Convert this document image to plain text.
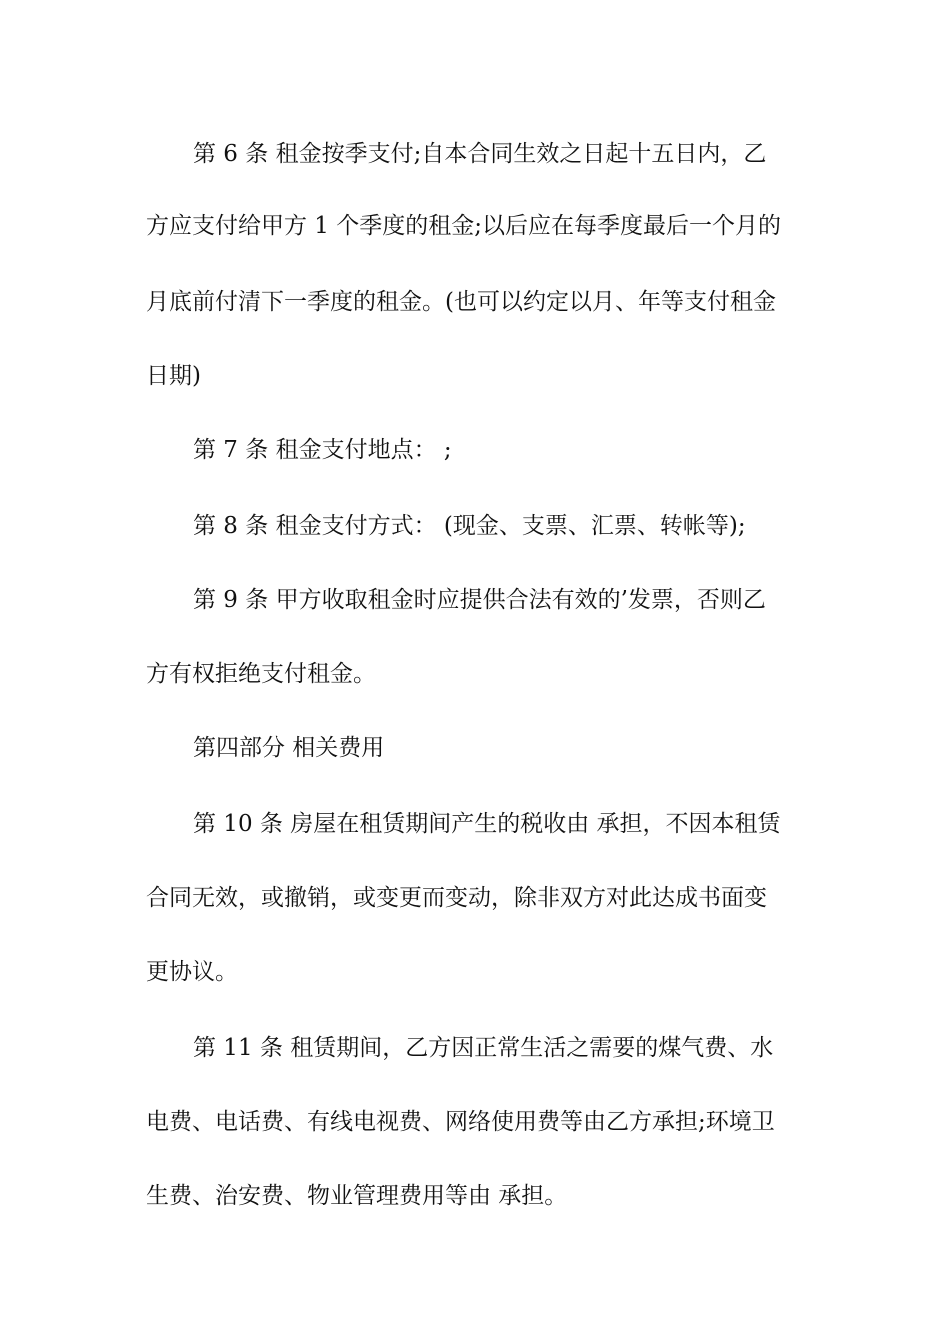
第 6 条 租金按季支付;自本合同生效之日起十五日内，乙
方应支付给甲方 1 个季度的租金;以后应在每季度最后一个月的
月底前付清下一季度的租金。(也可以约定以月、年等支付租金
日期)
第 7 条 租金支付地点： ;
第 8 条 租金支付方式： (现金、支票、汇票、转帐等);
第 9 条 甲方收取租金时应提供合法有效的’发票，否则乙
方有权拒绝支付租金。
第四部分 相关费用
第 10 条 房屋在租赁期间产生的税收由 承担，不因本租赁
合同无效，或撤销，或变更而变动，除非双方对此达成书面变
更协议。
第 11 条 租赁期间，乙方因正常生活之需要的煤气费、水
电费、电话费、有线电视费、网络使用费等由乙方承担;环境卫
生费、治安费、物业管理费用等由 承担。
